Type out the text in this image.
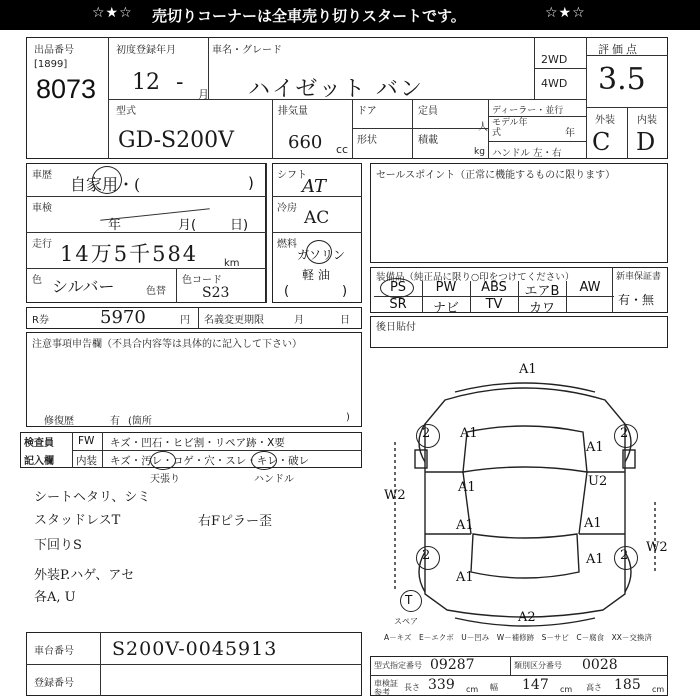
☆★☆ 売切りコーナーは全車売り切りスタートです。	☆★☆
出品番号
[1899]
8073
初度登録年月	車名・グレード
12 - 月 ハイゼット バン
2WD
4WD
評価点
3.5
外装 内装
C D
型式
GD-S200V
排気量
660 cc
ドア
形状
定員
人
積載
kg
ディーラー・並行
モデル年式	年
ハンドル 左・右
車歴 自家用・(	)
車検
年	月(	日)
走行 14万5千584	km
色 シルバー	色替
色コード
S23
シフト
AT
冷房 AC
燃料
ガソリン
軽 油
(	)
R券	5970	円 名義変更期限	月	日
注意事項申告欄（不具合内容等は具体的に記入して下さい）
修復歴	有 (箇所	)
セールスポイント（正常に機能するものに限ります）
装備品（純正品に限り○印をつけてください）	新車保証書
有・無
PS	PW	ABS	エアB	AW
SR	ナビ	TV	カワ
後日貼付
検査員
記入欄
FW キズ・凹石・ヒビ割・リペア跡・X要
内装 キズ・汚レ・コゲ・穴・スレ・キレ・破レ
天張り	ハンドル
シートヘタリ、シミ
スタッドレスT
下回りS
外装P.ハゲ、アセ
各A, U
右Fピラー歪
A1
W2
W2
A2
A1
A1
A1
U2
A1
A1
A1
A1
2	2
2	2
T
スペア
A－キズ　E－エクボ　U－凹み　W－補修跡　S－サビ　C－腐食　XX－交換済
車台番号 S200V-0045913
登録番号
型式指定番号 09287	類別区分番号 0028
車検証
参考
長さ 339 cm 幅 147 cm 高さ 185 cm
